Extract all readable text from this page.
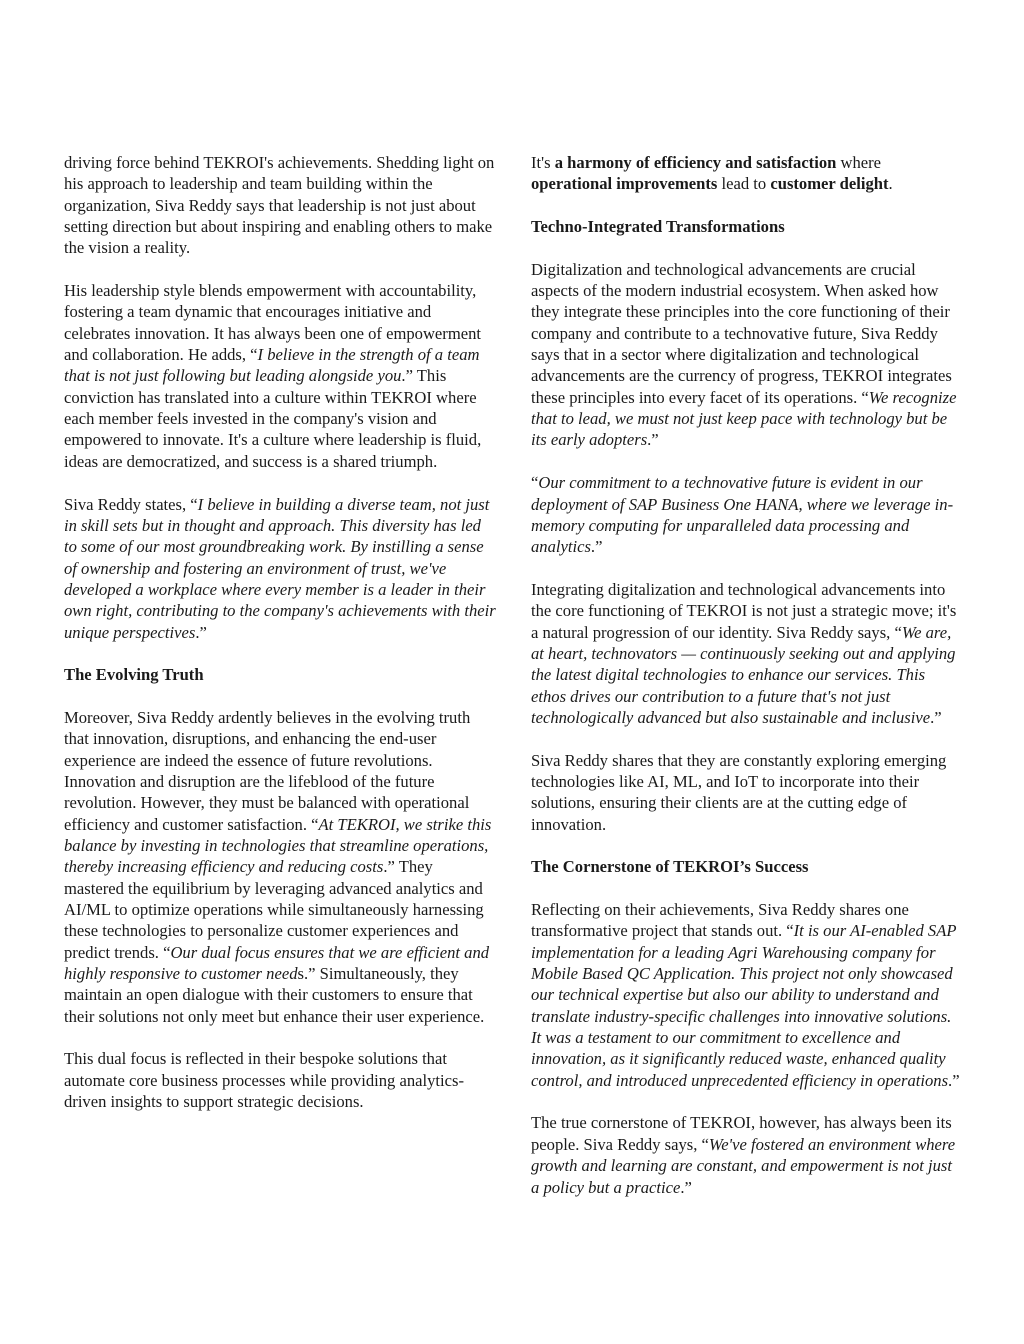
driving force behind TEKROI's achievements. Shedding light on his approach to leadership and team building within the organization, Siva Reddy says that leadership is not just about setting direction but about inspiring and enabling others to make the vision a reality.

His leadership style blends empowerment with accountability, fostering a team dynamic that encourages initiative and celebrates innovation. It has always been one of empowerment and collaboration. He adds, “I believe in the strength of a team that is not just following but leading alongside you.” This conviction has translated into a culture within TEKROI where each member feels invested in the company's vision and empowered to innovate. It's a culture where leadership is fluid, ideas are democratized, and success is a shared triumph.

Siva Reddy states, “I believe in building a diverse team, not just in skill sets but in thought and approach. This diversity has led to some of our most groundbreaking work. By instilling a sense of ownership and fostering an environment of trust, we've developed a workplace where every member is a leader in their own right, contributing to the company's achievements with their unique perspectives.”

The Evolving Truth

Moreover, Siva Reddy ardently believes in the evolving truth that innovation, disruptions, and enhancing the end-user experience are indeed the essence of future revolutions. Innovation and disruption are the lifeblood of the future revolution. However, they must be balanced with operational efficiency and customer satisfaction. “At TEKROI, we strike this balance by investing in technologies that streamline operations, thereby increasing efficiency and reducing costs.” They mastered the equilibrium by leveraging advanced analytics and AI/ML to optimize operations while simultaneously harnessing these technologies to personalize customer experiences and predict trends. “Our dual focus ensures that we are efficient and highly responsive to customer needs.” Simultaneously, they maintain an open dialogue with their customers to ensure that their solutions not only meet but enhance their user experience.

This dual focus is reflected in their bespoke solutions that automate core business processes while providing analytics-driven insights to support strategic decisions.

It's a harmony of efficiency and satisfaction where operational improvements lead to customer delight.

Techno-Integrated Transformations

Digitalization and technological advancements are crucial aspects of the modern industrial ecosystem. When asked how they integrate these principles into the core functioning of their company and contribute to a technovative future, Siva Reddy says that in a sector where digitalization and technological advancements are the currency of progress, TEKROI integrates these principles into every facet of its operations. “We recognize that to lead, we must not just keep pace with technology but be its early adopters.”

“Our commitment to a technovative future is evident in our deployment of SAP Business One HANA, where we leverage in-memory computing for unparalleled data processing and analytics.”

Integrating digitalization and technological advancements into the core functioning of TEKROI is not just a strategic move; it's a natural progression of our identity. Siva Reddy says, “We are, at heart, technovators — continuously seeking out and applying the latest digital technologies to enhance our services. This ethos drives our contribution to a future that's not just technologically advanced but also sustainable and inclusive.”

Siva Reddy shares that they are constantly exploring emerging technologies like AI, ML, and IoT to incorporate into their solutions, ensuring their clients are at the cutting edge of innovation.

The Cornerstone of TEKROI’s Success

Reflecting on their achievements, Siva Reddy shares one transformative project that stands out. “It is our AI-enabled SAP implementation for a leading Agri Warehousing company for Mobile Based QC Application. This project not only showcased our technical expertise but also our ability to understand and translate industry-specific challenges into innovative solutions. It was a testament to our commitment to excellence and innovation, as it significantly reduced waste, enhanced quality control, and introduced unprecedented efficiency in operations.”

The true cornerstone of TEKROI, however, has always been its people. Siva Reddy says, “We've fostered an environment where growth and learning are constant, and empowerment is not just a policy but a practice.”
